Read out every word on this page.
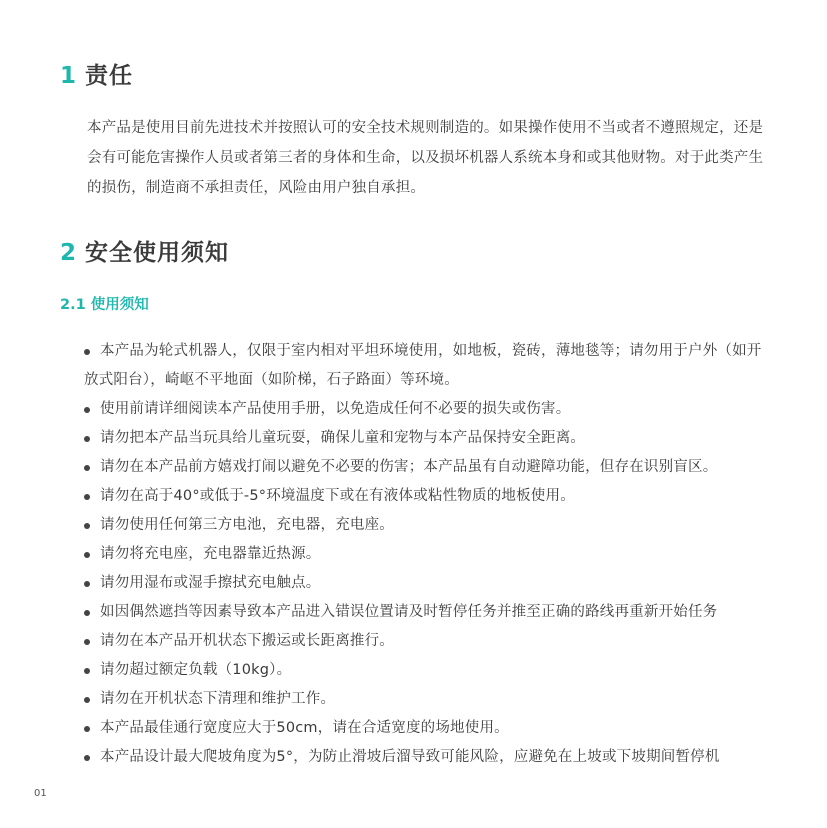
1 责任
本产品是使用目前先进技术并按照认可的安全技术规则制造的。如果操作使用不当或者不遵照规定，还是会有可能危害操作人员或者第三者的身体和生命，以及损坏机器人系统本身和或其他财物。对于此类产生的损伤，制造商不承担责任，风险由用户独自承担。
2 安全使用须知
2.1 使用须知
本产品为轮式机器人，仅限于室内相对平坦环境使用，如地板，瓷砖，薄地毯等；请勿用于户外（如开放式阳台），崎岖不平地面（如阶梯，石子路面）等环境。
使用前请详细阅读本产品使用手册，以免造成任何不必要的损失或伤害。
请勿把本产品当玩具给儿童玩耍，确保儿童和宠物与本产品保持安全距离。
请勿在本产品前方嬉戏打闹以避免不必要的伤害；本产品虽有自动避障功能，但存在识别盲区。
请勿在高于40°或低于-5°环境温度下或在有液体或粘性物质的地板使用。
请勿使用任何第三方电池，充电器，充电座。
请勿将充电座，充电器靠近热源。
请勿用湿布或湿手擦拭充电触点。
如因偶然遮挡等因素导致本产品进入错误位置请及时暂停任务并推至正确的路线再重新开始任务
请勿在本产品开机状态下搬运或长距离推行。
请勿超过额定负载（10kg）。
请勿在开机状态下清理和维护工作。
本产品最佳通行宽度应大于50cm，请在合适宽度的场地使用。
本产品设计最大爬坡角度为5°，为防止滑坡后溜导致可能风险，应避免在上坡或下坡期间暂停机
01
